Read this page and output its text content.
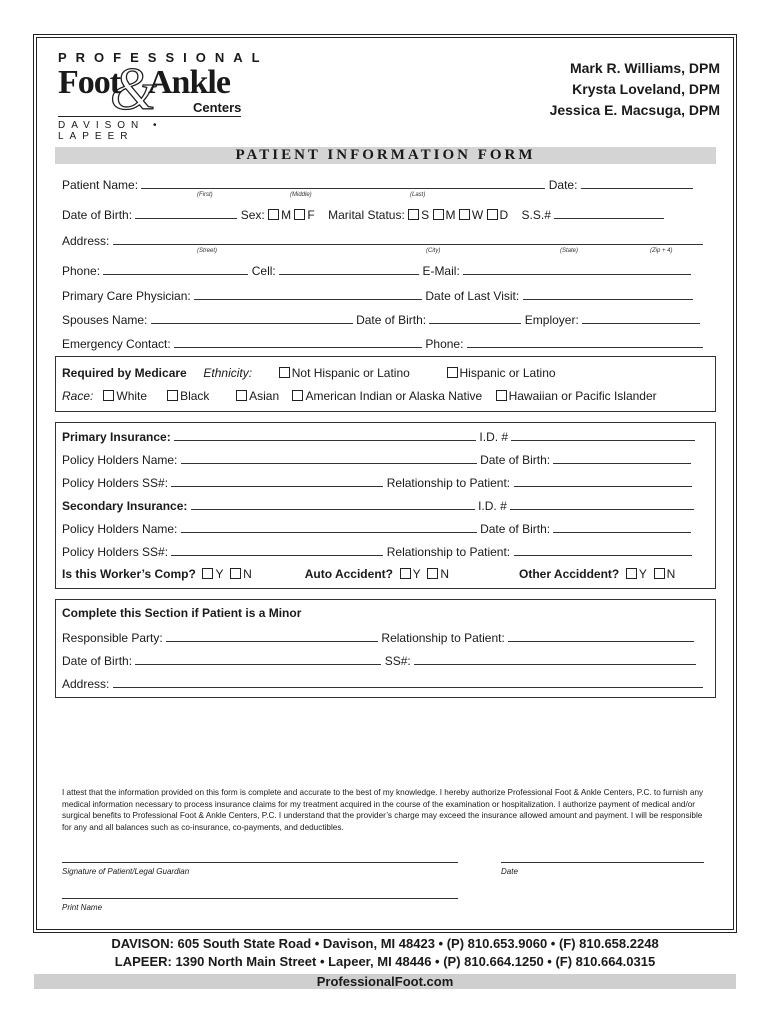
PROFESSIONAL
&
Foot Ankle
Centers
DAVISON • LAPEER
Mark R. Williams, DPM
Krysta Loveland, DPM
Jessica E. Macsuga, DPM
PATIENT INFORMATION FORM
Patient Name:	Date:
(First)	(Middle)	(Last)
Date of Birth:	Sex: M F Marital Status: S M W D S.S.#
Address:
(Street)	(City)	(State)	(Zip + 4)
Phone:	Cell:	E-Mail:
Primary Care Physician:	Date of Last Visit:
Spouses Name:	Date of Birth:	Employer:
Emergency Contact:	Phone:
Required by Medicare Ethnicity:	Not Hispanic or Latino	Hispanic or Latino
Race: White	Black	Asian American Indian or Alaska Native Hawaiian or Pacific Islander
Primary Insurance:	I.D. #
Policy Holders Name:	Date of Birth:
Policy Holders SS#:	Relationship to Patient:
Secondary Insurance:	I.D. #
Policy Holders Name:	Date of Birth:
Policy Holders SS#:	Relationship to Patient:
Is this Worker’s Comp? Y N	Auto Accident? Y N	Other Acciddent? Y N
Complete this Section if Patient is a Minor
Responsible Party:	Relationship to Patient:
Date of Birth:	SS#:
Address:
I attest that the information provided on this form is complete and accurate to the best of my knowledge. I hereby authorize Professional Foot & Ankle Centers, P.C. to furnish any medical information necessary to process insurance claims for my treatment acquired in the course of the examination or hospitalization. I authorize payment of medical and/or surgical benefits to Professional Foot & Ankle Centers, P.C. I understand that the provider’s charge may exceed the insurance allowed amount and payment. I will be responsible for any and all balances such as co-insurance, co-payments, and deductibles.
Signature of Patient/Legal Guardian	Date
Print Name
DAVISON: 605 South State Road • Davison, MI 48423 • (P) 810.653.9060 • (F) 810.658.2248
LAPEER: 1390 North Main Street • Lapeer, MI 48446 • (P) 810.664.1250 • (F) 810.664.0315
ProfessionalFoot.com
